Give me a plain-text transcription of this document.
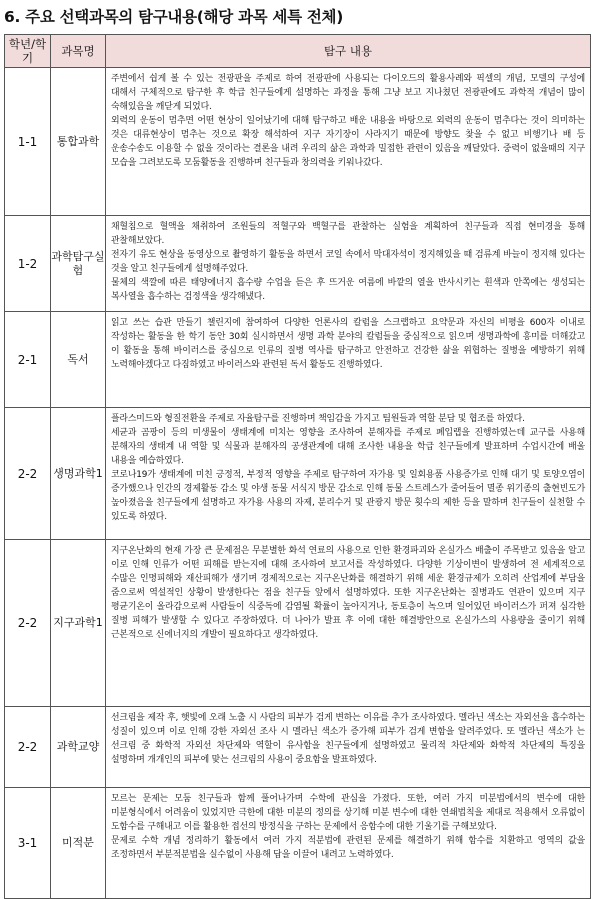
6. 주요 선택과목의 탐구내용(해당 과목 세특 전체)
학년/학기	과목명	탐구 내용
1-1	통합과학	주변에서 쉽게 볼 수 있는 전광판을 주제로 하여 전광판에 사용되는 다이오드의 활용사례와 픽셀의 개념, 모델의 구성에 대해서 구체적으로 탐구한 후 학급 친구들에게 설명하는 과정을 통해 그냥 보고 지나쳤던 전광판에도 과학적 개념이 많이 숙해있음을 깨닫게 되었다.
외력의 운동이 멈추면 어떤 현상이 일어났기에 대해 탐구하고 배운 내용을 바탕으로 외력의 운동이 멈추다는 것이 의미하는 것은 대류현상이 멈추는 것으로 확장 해석하여 지구 자기장이 사라지기 때문에 방향도 찾을 수 없고 비행기나 배 등 운송수송도 이용할 수 없을 것이라는 결론을 내려 우리의 삶은 과학과 밀접한 관련이 있음을 깨달았다. 중력이 없을때의 지구 모습을 그려보도록 모둠활동을 진행하며 친구들과 창의력을 키워나갔다.

1-2	과학탐구실험	채혈침으로 혈액을 채취하여 조원들의 적혈구와 백혈구를 관찰하는 실험을 계획하여 친구들과 직접 현미경을 통해 관찰해보았다.
전자기 유도 현상을 동영상으로 촬영하기 활동을 하면서 코일 속에서 막대자석이 정지해있을 때 검류계 바늘이 정지해 있다는 것을 알고 친구들에게 설명해주었다.
물체의 색깔에 따른 태양에너지 흡수량 수업을 듣은 후 뜨거운 여름에 바깥의 열을 반사시키는 흰색과 안쪽에는 생성되는 복사열을 흡수하는 검정색을 생각해냈다.

2-1	독서	읽고 쓰는 습관 만들기 챌린지에 참여하여 다양한 언론사의 칼럼을 스크랩하고 요약문과 자신의 비평을 600자 이내로 작성하는 활동을 한 학기 동안 30회 실시하면서 생명 과학 분야의 칼럼들을 중심적으로 읽으며 생명과학에 흥미를 더해갔고 이 활동을 통해 바이러스를 중심으로 인류의 질병 역사를 탐구하고 안전하고 건강한 삶을 위협하는 질병을 예방하기 위해 노력해야겠다고 다짐하였고 바이러스와 관련된 독서 활동도 진행하였다.

2-2	생명과학1	플라스미드와 형질전환을 주제로 자율탐구를 진행하며 책임감을 가지고 팀원들과 역할 분담 및 협조를 하였다.
세균과 곰팡이 등의 미생물이 생태계에 미치는 영향을 조사하여 분해자를 주제로 폐입랩을 진행하였는데 교구를 사용해 분해자의 생태계 내 역할 및 식물과 분해자의 공생관계에 대해 조사한 내용을 학급 친구들에게 발표하며 수업시간에 배울 내용을 예습하였다.
코로나19가 생태계에 미친 긍정적, 부정적 영향을 주제로 탐구하여 자가용 및 일회용품 사용증가로 인해 대기 및 토양오염이 증가했으나 인간의 경제활동 감소 및 야생 동물 서식지 방문 감소로 인해 동물 스트레스가 줄어들어 멸종 위기종의 출현빈도가 높아졌음을 친구들에게 설명하고 자가용 사용의 자제, 분리수거 및 관광지 방문 횟수의 제한 등을 말하며 친구들이 실천할 수 있도록 하였다.

2-2	지구과학1	지구온난화의 현재 가장 큰 문제점은 무분별한 화석 연료의 사용으로 인한 환경파괴와 온실가스 배출이 주목받고 있음을 알고 이로 인해 인류가 어떤 피해를 받는지에 대해 조사하여 보고서를 작성하였다. 다양한 기상이변이 발생하여 전 세계적으로 수많은 인명피해와 재산피해가 생기며 경제적으로는 지구온난화를 해결하기 위해 세운 환경규제가 오히려 산업계에 부담을 줌으로써 역설적인 상황이 발생한다는 점을 친구들 앞에서 설명하였다. 또한 지구온난화는 질병과도 연관이 있으며 지구 평균기온이 올라감으로써 사람들이 식중독에 감염될 확률이 높아지거나, 동토층이 녹으며 일어있던 바이러스가 퍼져 심각한 질병 피해가 발생할 수 있다고 주장하였다. 더 나아가 발표 후 이에 대한 해결방안으로 온실가스의 사용량을 줄이기 위해 근본적으로 신에너지의 개발이 필요하다고 생각하였다.

2-2	과학교양	선크림을 제작 후, 햇빛에 오래 노출 시 사람의 피부가 검게 변하는 이유를 추가 조사하였다. 멜라닌 색소는 자외선을 흡수하는 성질이 있으며 이로 인해 강한 자외선 조사 시 멜라닌 색소가 증가해 피부가 검게 변함을 알려주었다. 또 멜라닌 색소가 는 선크림 중 화학적 자외선 차단제와 역할이 유사함을 친구들에게 설명하였고 물리적 차단제와 화학적 차단제의 특징을 설명하며 개개인의 피부에 맞는 선크림의 사용이 중요함을 발표하였다.

3-1	미적분	모르는 문제는 모둠 친구들과 함께 풀어나가며 수학에 관심을 가졌다. 또한, 여러 가지 미분법에서의 변수에 대한 미분형식에서 어려움이 있었지만 극한에 대한 미분의 정의를 상기해 미분 변수에 대한 연쇄법칙을 제대로 적용해서 오류없이 도함수를 구해내고 이를 활용한 접선의 방정식을 구하는 문제에서 응함수에 대한 기울기를 구해보았다.
문제로 수학 개념 정리하기 활동에서 여러 가지 적분법에 관련된 문제를 해결하기 위해 함수를 치환하고 영역의 값을 조정하면서 부분적분법을 실수없이 사용해 답을 이끌어 내려고 노력하였다.
